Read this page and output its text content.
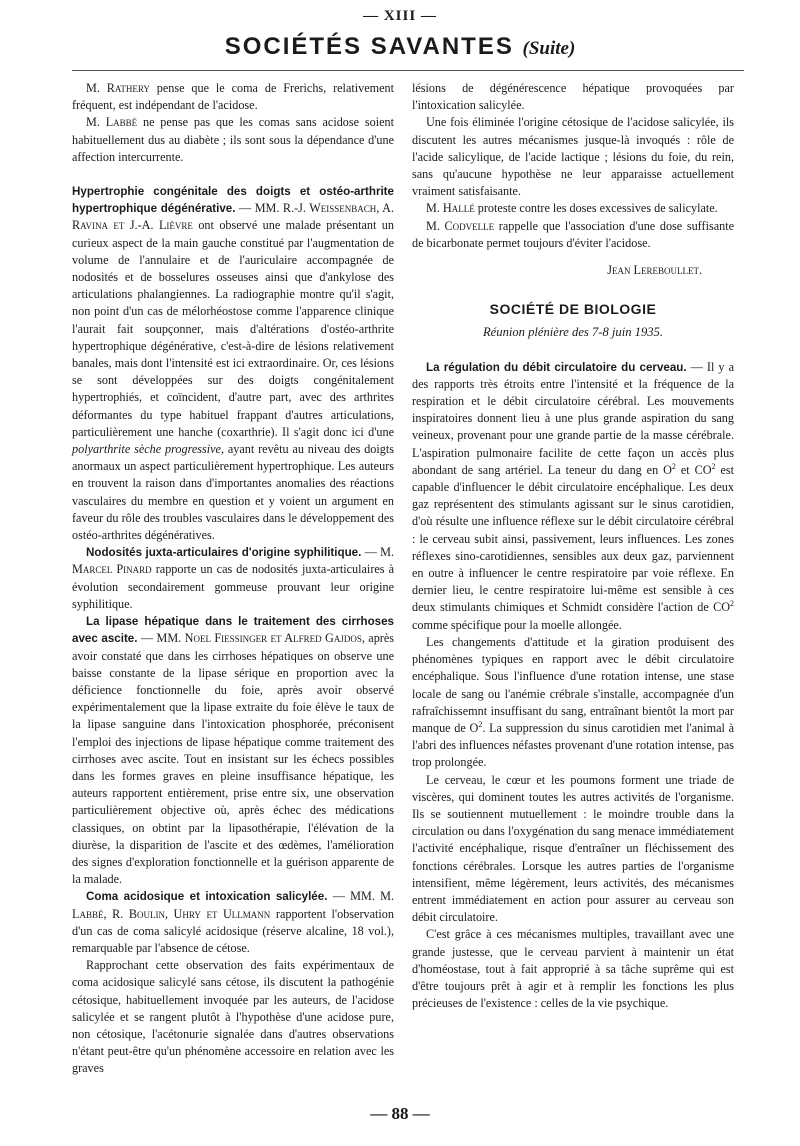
— XIII —
SOCIÉTÉS SAVANTES (Suite)

M. Rathery pense que le coma de Frerichs, relativement fréquent, est indépendant de l'acidose.

M. Labbé ne pense pas que les comas sans acidose soient habituellement dus au diabète ; ils sont sous la dépendance d'une affection intercurrente.

Hypertrophie congénitale des doigts et ostéo-arthrite hypertrophique dégénérative. — MM. R.-J. Weissenbach, A. Ravina et J.-A. Lièvre ont observé une malade présentant un curieux aspect de la main gauche constitué par l'augmentation de volume de l'annulaire et de l'auriculaire accompagnée de nodosités et de bosselures osseuses ainsi que d'ankylose des articulations phalangiennes. La radiographie montre qu'il s'agit, non point d'un cas de mélorhéostose comme l'apparence clinique l'aurait fait soupçonner, mais d'altérations d'ostéo-arthrite hypertrophique dégénérative, c'est-à-dire de lésions relativement banales, mais dont l'intensité est ici extraordinaire. Or, ces lésions se sont développées sur des doigts congénitalement hypertrophiés, et coïncident, d'autre part, avec des arthrites déformantes du type habituel frappant d'autres articulations, particulièrement une hanche (coxarthrie). Il s'agit donc ici d'une polyarthrite sèche progressive, ayant revêtu au niveau des doigts anormaux un aspect particulièrement hypertrophique. Les auteurs en trouvent la raison dans d'importantes anomalies des réactions vasculaires du membre en question et y voient un argument en faveur du rôle des troubles vasculaires dans le développement des ostéo-arthrites dégénératives.

Nodosités juxta-articulaires d'origine syphilitique. — M. Marcel Pinard rapporte un cas de nodosités juxta-articulaires à évolution secondairement gommeuse prouvant leur origine syphilitique.

La lipase hépatique dans le traitement des cirrhoses avec ascite. — MM. Noel Fiessinger et Alfred Gajdos, après avoir constaté que dans les cirrhoses hépatiques on observe une baisse constante de la lipase sérique en proportion avec la déficience fonctionnelle du foie, après avoir observé expérimentalement que la lipase extraite du foie élève le taux de la lipase sanguine dans l'intoxication phosphorée, préconisent l'emploi des injections de lipase hépatique comme traitement des cirrhoses avec ascite. Tout en insistant sur les échecs possibles dans les formes graves en pleine insuffisance hépatique, les auteurs rapportent entièrement, prise entre six, une observation particulièrement objective où, après échec des médications classiques, on obtint par la lipasothérapie, l'élévation de la diurèse, la disparition de l'ascite et des œdèmes, l'amélioration des signes d'exploration fonctionnelle et la guérison apparente de la malade.

Coma acidosique et intoxication salicylée. — MM. M. Labbé, R. Boulin, Uhry et Ullmann rapportent l'observation d'un cas de coma salicylé acidosique (réserve alcaline, 18 vol.), remarquable par l'absence de cétose.

Rapprochant cette observation des faits expérimentaux de coma acidosique salicylé sans cétose, ils discutent la pathogénie cétosique, habituellement invoquée par les auteurs, de l'acidose salicylée et se rangent plutôt à l'hypothèse d'une acidose pure, non cétosique, l'acétonurie signalée dans d'autres observations n'étant peut-être qu'un phénomène accessoire en relation avec les graves

lésions de dégénérescence hépatique provoquées par l'intoxication salicylée.

Une fois éliminée l'origine cétosique de l'acidose salicylée, ils discutent les autres mécanismes jusque-là invoqués : rôle de l'acide salicylique, de l'acide lactique ; lésions du foie, du rein, sans qu'aucune hypothèse ne leur apparaisse actuellement vraiment satisfaisante.

M. Hallé proteste contre les doses excessives de salicylate.

M. Codvelle rappelle que l'association d'une dose suffisante de bicarbonate permet toujours d'éviter l'acidose.

Jean Lereboullet.
SOCIÉTÉ DE BIOLOGIE
Réunion plénière des 7-8 juin 1935.

La régulation du débit circulatoire du cerveau. — Il y a des rapports très étroits entre l'intensité et la fréquence de la respiration et le débit circulatoire cérébral. Les mouvements inspiratoires donnent lieu à une plus grande aspiration du sang veineux, provenant pour une grande partie de la masse cérébrale. L'aspiration pulmonaire facilite de cette façon un accès plus abondant de sang artériel. La teneur du dang en $O^2$ et $CO^2$ est capable d'influencer le débit circulatoire encéphalique. Les deux gaz représentent des stimulants agissant sur le sinus carotidien, d'où résulte une influence réflexe sur le débit circulatoire cérébral : le cerveau subit ainsi, passivement, leurs influences. Les zones réflexes sino-carotidiennes, sensibles aux deux gaz, parviennent en outre à influencer le centre respiratoire par voie réflexe. En dernier lieu, le centre respiratoire lui-même est sensible à ces deux stimulants chimiques et Schmidt considère l'action de $CO^2$ comme spécifique pour la moelle allongée.

Les changements d'attitude et la giration produisent des phénomènes typiques en rapport avec le débit circulatoire encéphalique. Sous l'influence d'une rotation intense, une stase locale de sang ou l'anémie crébrale s'installe, accompagnée d'un rafraîchissemnt insuffisant du sang, entraînant bientôt la mort par manque de $O^2$. La suppression du sinus carotidien met l'animal à l'abri des influences néfastes provenant d'une rotation intense, pas trop prolongée.

Le cerveau, le cœur et les poumons forment une triade de viscères, qui dominent toutes les autres activités de l'organisme. Ils se soutiennent mutuellement : le moindre trouble dans la circulation ou dans l'oxygénation du sang menace immédiatement l'activité encéphalique, risque d'entraîner un fléchissement des fonctions cérébrales. Lorsque les autres parties de l'organisme intensifient, même légèrement, leurs activités, des mécanismes entrent immédiatement en action pour assurer au cerveau son débit circulatoire.

C'est grâce à ces mécanismes multiples, travaillant avec une grande justesse, que le cerveau parvient à maintenir un état d'homéostase, tout à fait approprié à sa tâche suprême qui est d'être toujours prêt à agir et à remplir les fonctions les plus précieuses de l'existence : celles de la vie psychique.

— 88 —
